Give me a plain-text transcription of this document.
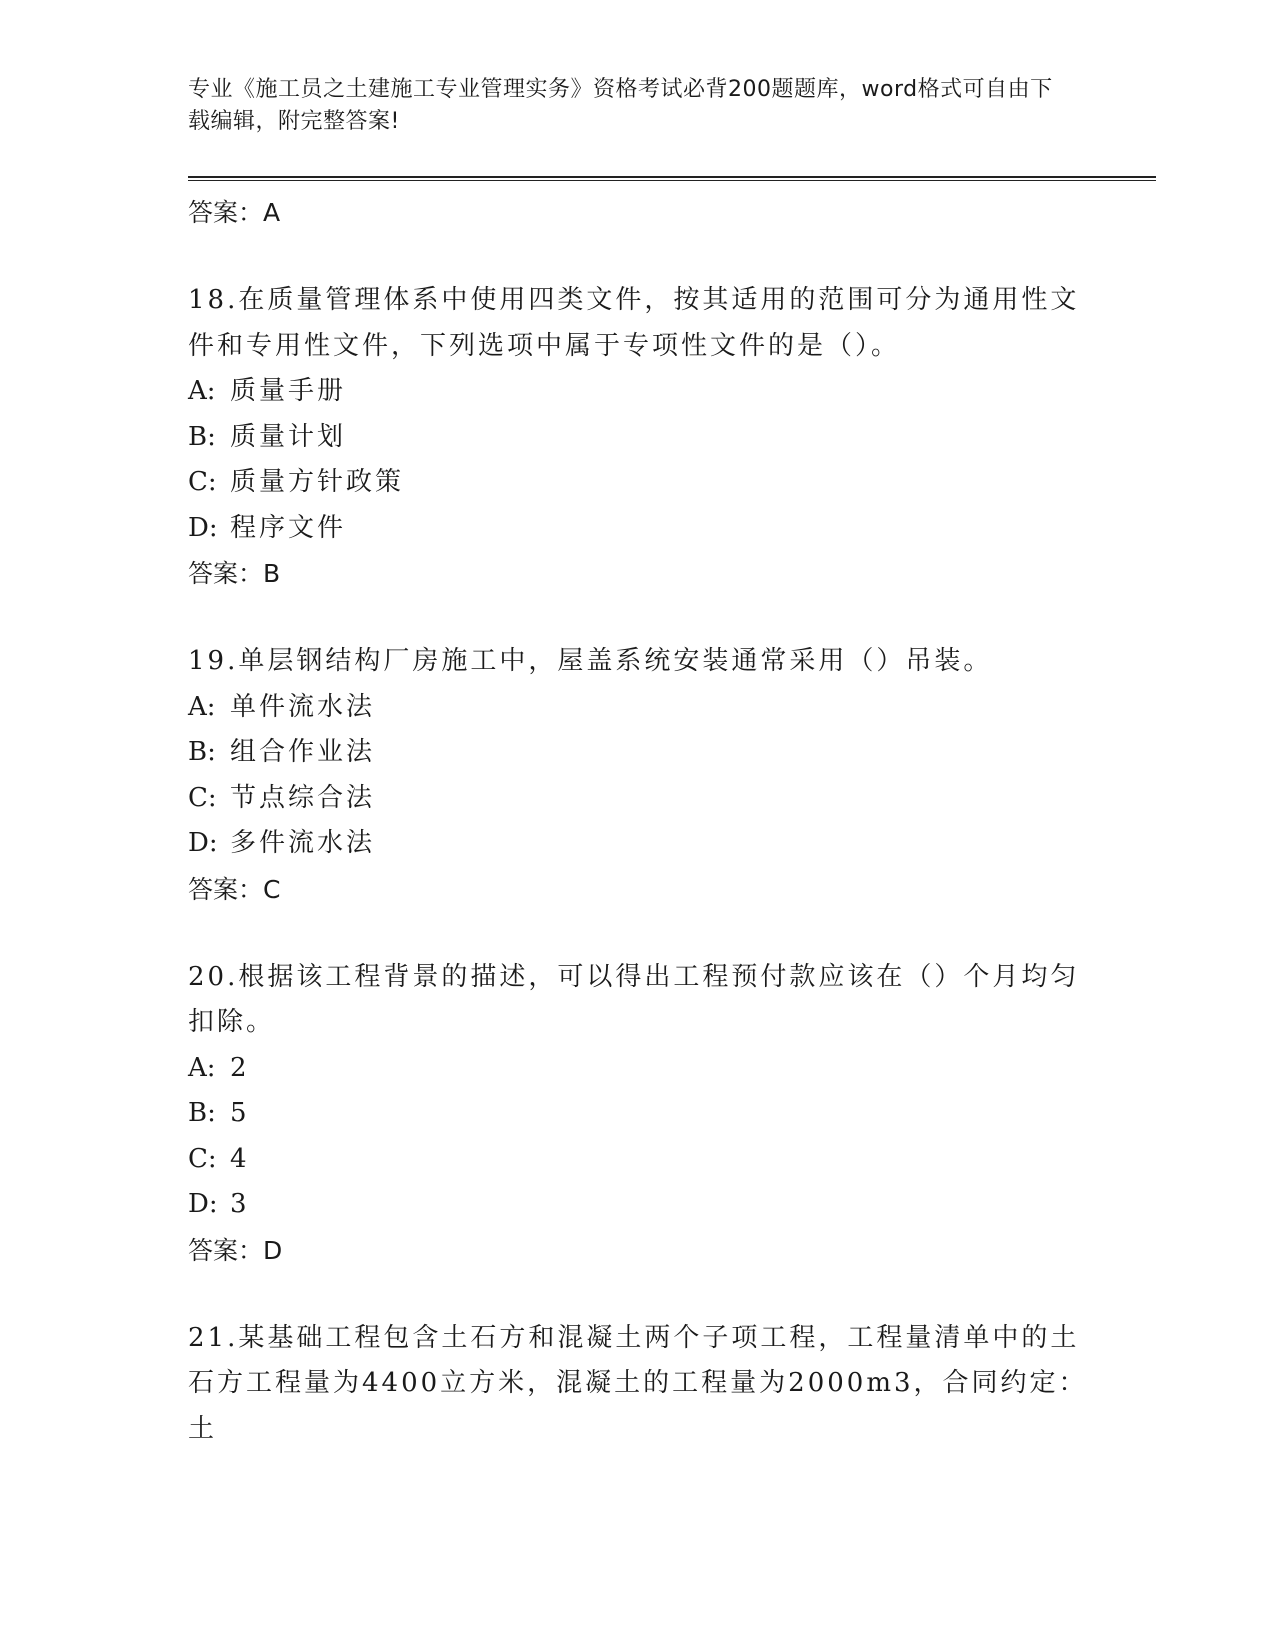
专业《施工员之土建施工专业管理实务》资格考试必背200题题库，word格式可自由下载编辑，附完整答案!
答案：A
18.在质量管理体系中使用四类文件，按其适用的范围可分为通用性文件和专用性文件，下列选项中属于专项性文件的是（）。
A: 质量手册
B: 质量计划
C: 质量方针政策
D: 程序文件
答案：B
19.单层钢结构厂房施工中，屋盖系统安装通常采用（）吊装。
A: 单件流水法
B: 组合作业法
C: 节点综合法
D: 多件流水法
答案：C
20.根据该工程背景的描述，可以得出工程预付款应该在（）个月均匀扣除。
A: 2
B: 5
C: 4
D: 3
答案：D
21.某基础工程包含土石方和混凝土两个子项工程，工程量清单中的土石方工程量为4400立方米，混凝土的工程量为2000m3，合同约定：土
